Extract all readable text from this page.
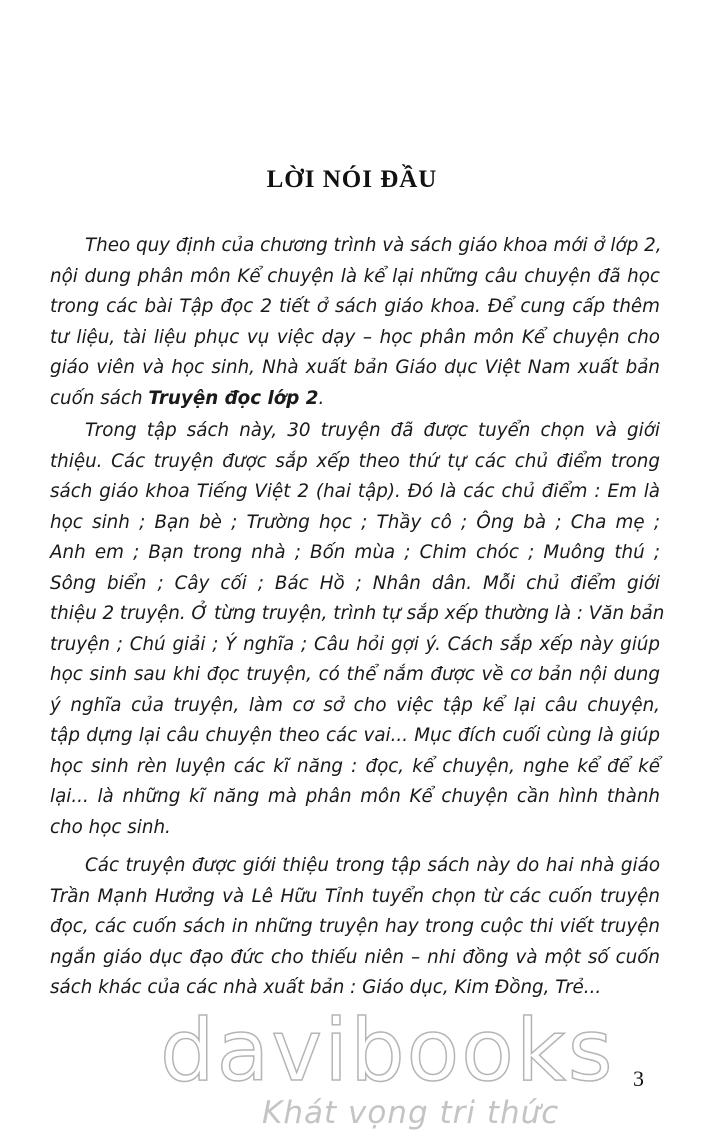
LỜI NÓI ĐẦU
Theo quy định của chương trình và sách giáo khoa mới ở lớp 2,
nội dung phân môn Kể chuyện là kể lại những câu chuyện đã học
trong các bài Tập đọc 2 tiết ở sách giáo khoa. Để cung cấp thêm
tư liệu, tài liệu phục vụ việc dạy – học phân môn Kể chuyện cho
giáo viên và học sinh, Nhà xuất bản Giáo dục Việt Nam xuất bản
cuốn sách Truyện đọc lớp 2.
Trong tập sách này, 30 truyện đã được tuyển chọn và giới
thiệu. Các truyện được sắp xếp theo thứ tự các chủ điểm trong
sách giáo khoa Tiếng Việt 2 (hai tập). Đó là các chủ điểm : Em là
học sinh ; Bạn bè ; Trường học ; Thầy cô ; Ông bà ; Cha mẹ ;
Anh em ; Bạn trong nhà ; Bốn mùa ; Chim chóc ; Muông thú ;
Sông biển ; Cây cối ; Bác Hồ ; Nhân dân. Mỗi chủ điểm giới
thiệu 2 truyện. Ở từng truyện, trình tự sắp xếp thường là : Văn bản
truyện ; Chú giải ; Ý nghĩa ; Câu hỏi gợi ý. Cách sắp xếp này giúp
học sinh sau khi đọc truyện, có thể nắm được về cơ bản nội dung
ý nghĩa của truyện, làm cơ sở cho việc tập kể lại câu chuyện,
tập dựng lại câu chuyện theo các vai... Mục đích cuối cùng là giúp
học sinh rèn luyện các kĩ năng : đọc, kể chuyện, nghe kể để kể
lại... là những kĩ năng mà phân môn Kể chuyện cần hình thành
cho học sinh.
Các truyện được giới thiệu trong tập sách này do hai nhà giáo
Trần Mạnh Hưởng và Lê Hữu Tỉnh tuyển chọn từ các cuốn truyện
đọc, các cuốn sách in những truyện hay trong cuộc thi viết truyện
ngắn giáo dục đạo đức cho thiếu niên – nhi đồng và một số cuốn
sách khác của các nhà xuất bản : Giáo dục, Kim Đồng, Trẻ...
davibooks
Khát vọng tri thức
3
